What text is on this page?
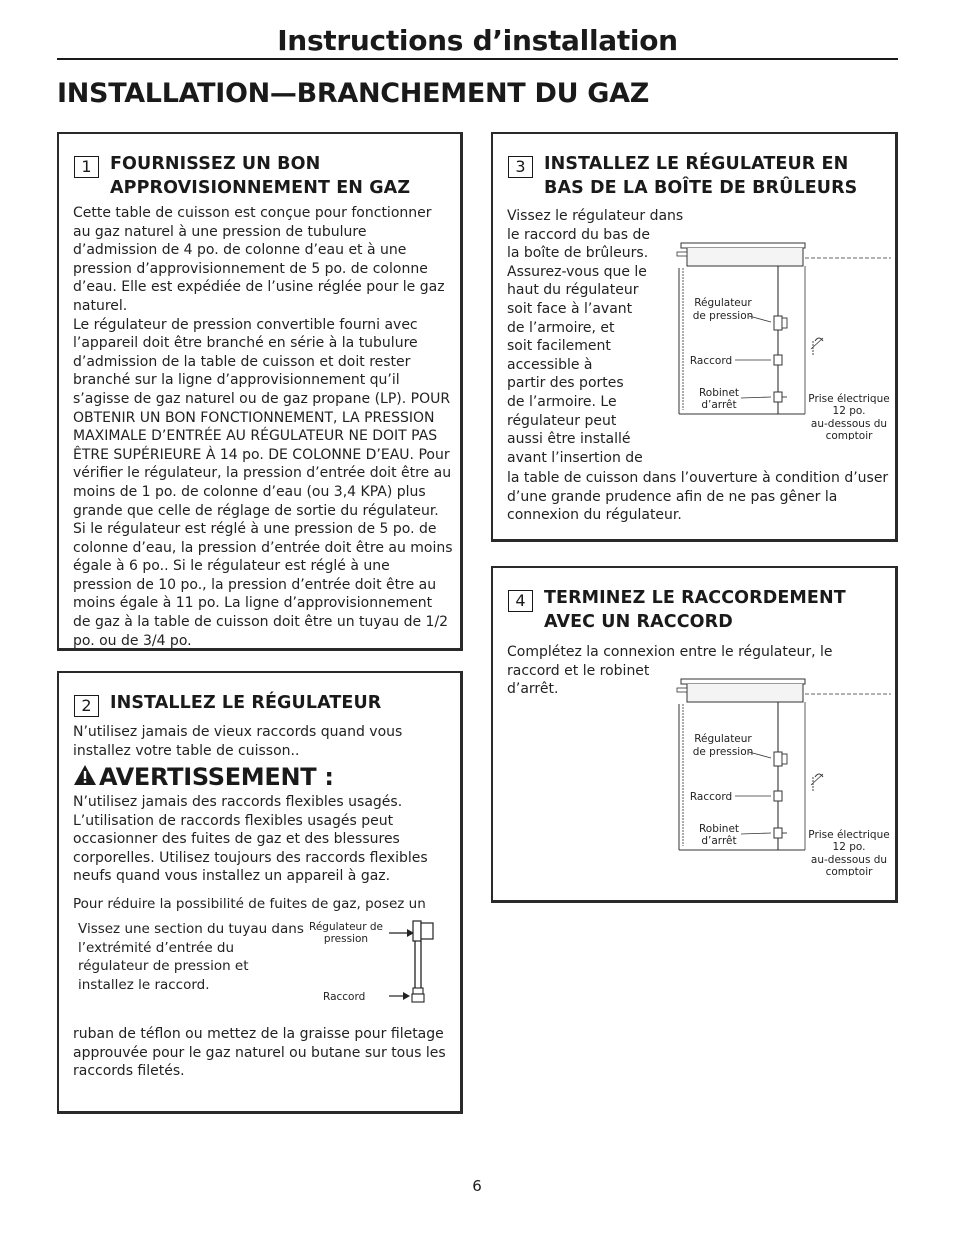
Instructions d’installation
INSTALLATION—BRANCHEMENT DU GAZ
1	FOURNISSEZ UN BON APPROVISIONNEMENT EN GAZ

Cette table de cuisson est conçue pour fonctionner au gaz naturel à une pression de tubulure d’admission de 4 po. de colonne d’eau et à une pression d’approvisionnement de 5 po. de colonne d’eau. Elle est expédiée de l’usine réglée pour le gaz naturel.

Le régulateur de pression convertible fourni avec l’appareil doit être branché en série à la tubulure d’admission de la table de cuisson et doit rester branché sur la ligne d’approvisionnement qu’il s’agisse de gaz naturel ou de gaz propane (LP). POUR OBTENIR UN BON FONCTIONNEMENT, LA PRESSION MAXIMALE D’ENTRÉE AU RÉGULATEUR NE DOIT PAS ÊTRE SUPÉRIEURE À 14 po. DE COLONNE D’EAU. Pour vérifier le régulateur, la pression d’entrée doit être au moins de 1 po. de colonne d’eau (ou 3,4 KPA) plus grande que celle de réglage de sortie du régulateur. Si le régulateur est réglé à une pression de 5 po. de colonne d’eau, la pression d’entrée doit être au moins égale à 6 po.. Si le régulateur est réglé à une pression de 10 po., la pression d’entrée doit être au moins égale à 11 po. La ligne d’approvisionnement de gaz à la table de cuisson doit être un tuyau de 1/2 po. ou de 3/4 po.

2	INSTALLEZ LE RÉGULATEUR
N’utilisez jamais de vieux raccords quand vous installez votre table de cuisson..
AVERTISSEMENT :
N’utilisez jamais des raccords flexibles usagés. L’utilisation de raccords flexibles usagés peut occasionner des fuites de gaz et des blessures corporelles. Utilisez toujours des raccords flexibles neufs quand vous installez un appareil à gaz.
Pour réduire la possibilité de fuites de gaz, posez un
Vissez une section du tuyau dans l’extrémité d’entrée du régulateur de pression et installez le raccord.
Régulateur de
pression
Raccord
ruban de téflon ou mettez de la graisse pour filetage approuvée pour le gaz naturel ou butane sur tous les raccords filetés.
3	INSTALLEZ LE RÉGULATEUR EN BAS DE LA BOÎTE DE BRÛLEURS

Vissez le régulateur dans

le raccord du bas de

la boîte de brûleurs.

Assurez-vous que le

haut du régulateur

soit face à l’avant

de l’armoire, et

soit facilement

accessible à

partir des portes

de l’armoire. Le

régulateur peut

aussi être installé

avant l’insertion de

la table de cuisson dans l’ouverture à condition d’user d’une grande prudence afin de ne pas gêner la connexion du régulateur.
Régulateur
de pression
Raccord
Robinet
d’arrêt	Prise électrique
12 po.
au-dessous du
comptoir
4	TERMINEZ LE RACCORDEMENT AVEC UN RACCORD

Complétez la connexion entre le régulateur, le

raccord et le robinet

d’arrêt.

Régulateur
de pression
Raccord
Robinet
d’arrêt	Prise électrique
12 po.
au-dessous du
comptoir
6
